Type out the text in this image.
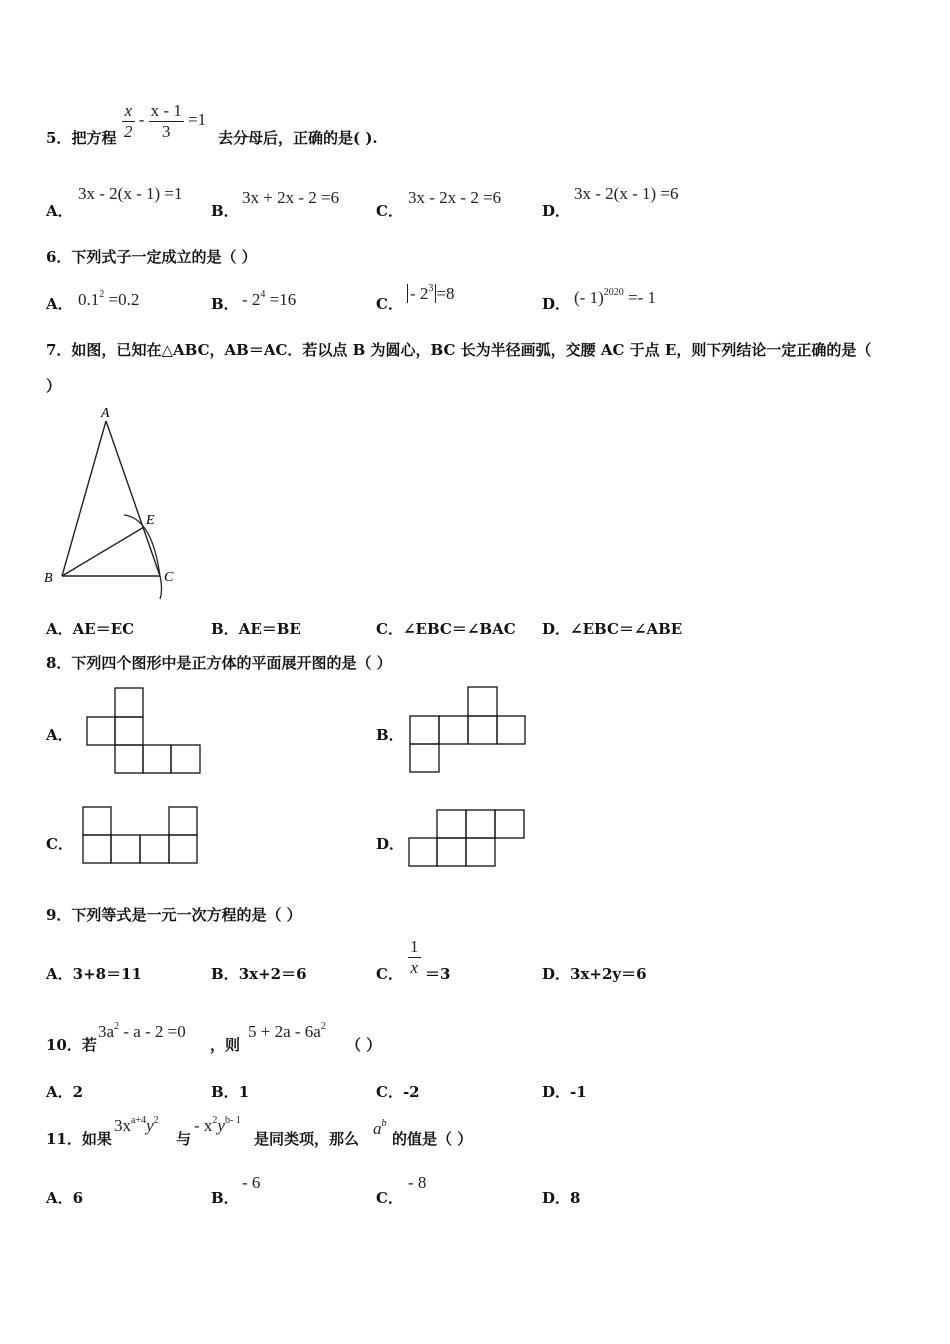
5．把方程 $\frac{x}{2} - \frac{x - 1}{3} =1$
去分母后，正确的是( ).
A．
3x - 2(x - 1) =1
B．
3x + 2x - 2 =6
C．
3x - 2x - 2 =6
D．
3x - 2(x - 1) =6
6．下列式子一定成立的是（ ）
A． $0.1^2 =0.2$	B． - $2^4 =16$	C．
- $2^3 =8$
D． (- 1)$^{2020}$ =- 1
7．如图，已知在△ABC，AB＝AC．若以点 B 为圆心，BC 长为半径画弧，交腰 AC 于点 E，则下列结论一定正确的是（
）
A
B	C
E
A．AE＝EC	B．AE＝BE	C．∠EBC＝∠BAC D．∠EBC＝∠ABE
8．下列四个图形中是正方体的平面展开图的是（ ）
A．	B．
C．	D．
9．下列等式是一元一次方程的是（ ）
A．3+8＝11	B．3x+2＝6	C． $\frac{1}{x} =3$	D．3x+2y＝6
10．若
$3a^2 - a - 2 =0$
，则
$5 + 2a - 6a^2$
（ ）
A．2	B．1	C．-2	D．-1
11．如果
$3x^{a+4}y^2$
与
- $x^2y^{b- 1}$
是同类项，那么
$a^b$
的值是（ ）
A．6	B．
- 6
C．
- 8
D．8
